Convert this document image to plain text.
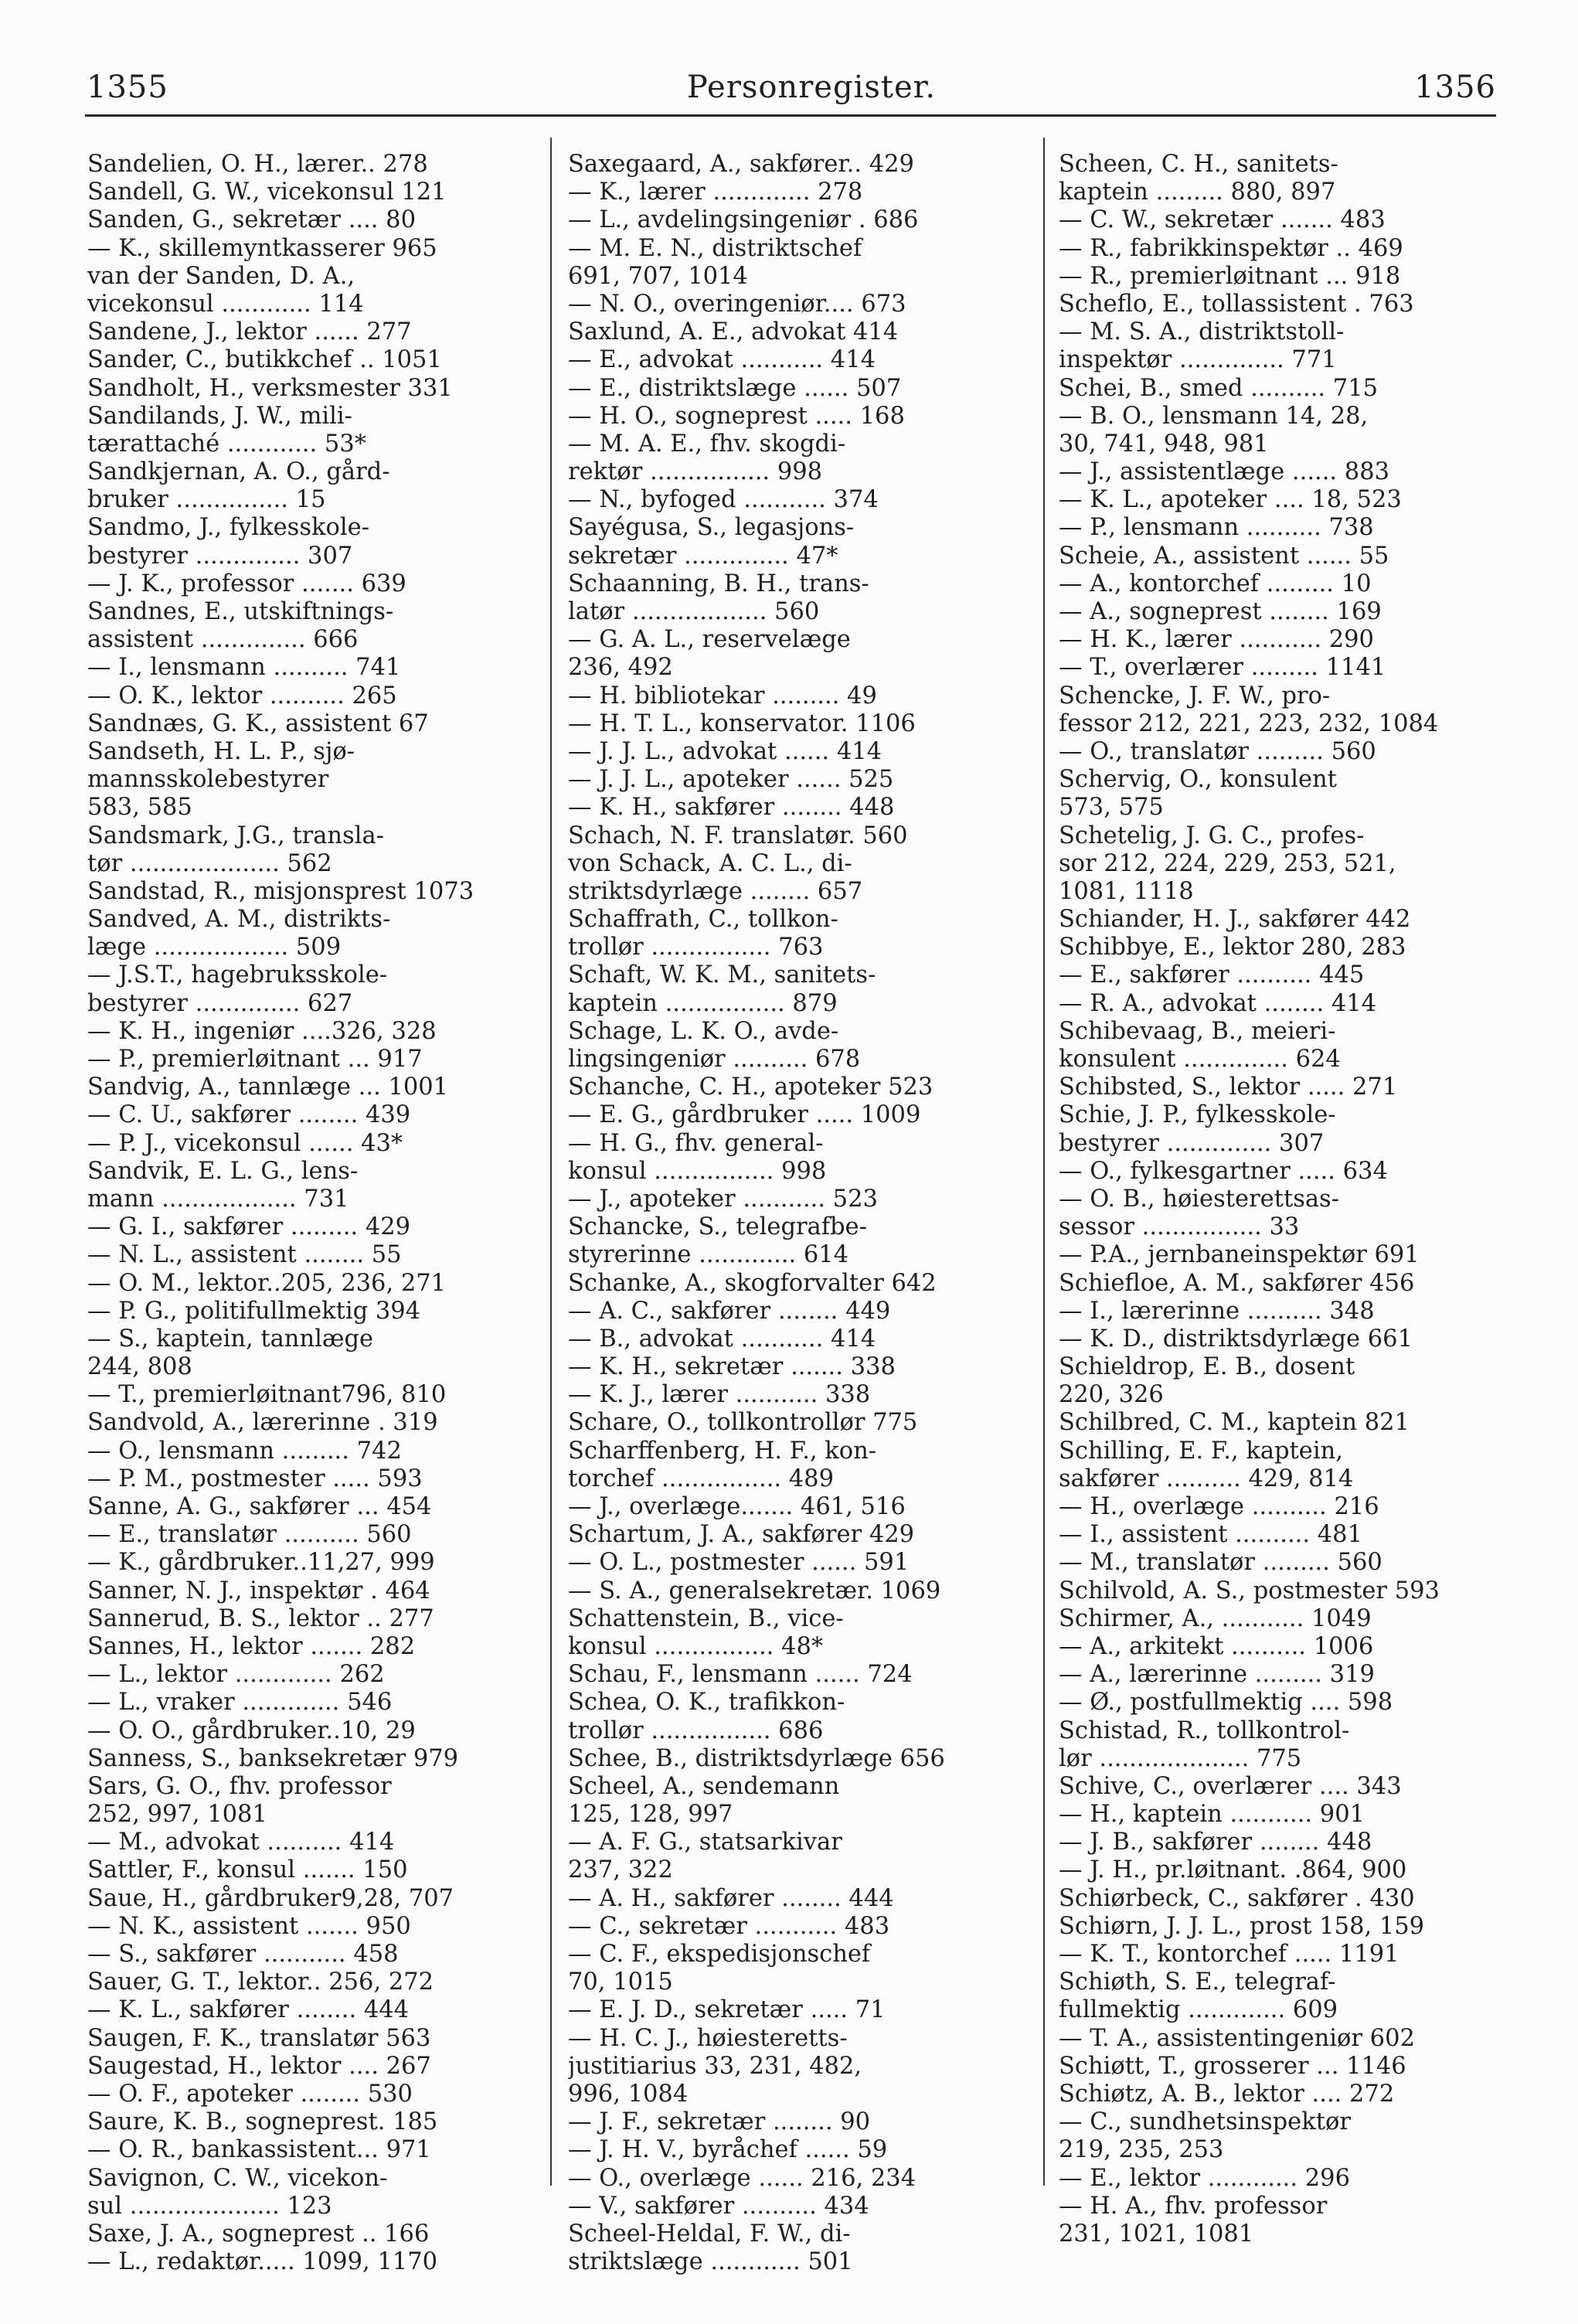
1355	Personregister.	1356
Sandelien, O. H., lærer.. 278
Sandell, G. W., vicekonsul 121
Sanden, G., sekretær .... 80
— K., skillemyntkasserer 965
van der Sanden, D. A.,
vicekonsul ............ 114
Sandene, J., lektor ...... 277
Sander, C., butikkchef .. 1051
Sandholt, H., verksmester 331
Sandilands, J. W., mili-
tærattaché ............ 53*
Sandkjernan, A. O., gård-
bruker ............... 15
Sandmo, J., fylkesskole-
bestyrer .............. 307
— J. K., professor ....... 639
Sandnes, E., utskiftnings-
assistent .............. 666
— I., lensmann .......... 741
— O. K., lektor .......... 265
Sandnæs, G. K., assistent 67
Sandseth, H. L. P., sjø-
mannsskolebestyrer
583, 585
Sandsmark, J.G., transla-
tør .................... 562
Sandstad, R., misjonsprest 1073
Sandved, A. M., distrikts-
læge .................. 509
— J.S.T., hagebruksskole-
bestyrer .............. 627
— K. H., ingeniør ....326, 328
— P., premierløitnant ... 917
Sandvig, A., tannlæge ... 1001
— C. U., sakfører ........ 439
— P. J., vicekonsul ...... 43*
Sandvik, E. L. G., lens-
mann .................. 731
— G. I., sakfører ......... 429
— N. L., assistent ........ 55
— O. M., lektor..205, 236, 271
— P. G., politifullmektig 394
— S., kaptein, tannlæge
244, 808
— T., premierløitnant796, 810
Sandvold, A., lærerinne . 319
— O., lensmann ......... 742
— P. M., postmester ..... 593
Sanne, A. G., sakfører ... 454
— E., translatør .......... 560
— K., gårdbruker..11,27, 999
Sanner, N. J., inspektør . 464
Sannerud, B. S., lektor .. 277
Sannes, H., lektor ....... 282
— L., lektor ............. 262
— L., vraker ............. 546
— O. O., gårdbruker..10, 29
Sanness, S., banksekretær 979
Sars, G. O., fhv. professor
252, 997, 1081
— M., advokat .......... 414
Sattler, F., konsul ....... 150
Saue, H., gårdbruker9,28, 707
— N. K., assistent ....... 950
— S., sakfører ........... 458
Sauer, G. T., lektor.. 256, 272
— K. L., sakfører ........ 444
Saugen, F. K., translatør 563
Saugestad, H., lektor .... 267
— O. F., apoteker ........ 530
Saure, K. B., sogneprest. 185
— O. R., bankassistent... 971
Savignon, C. W., vicekon-
sul .................... 123
Saxe, J. A., sogneprest .. 166
— L., redaktør..... 1099, 1170
Saxegaard, A., sakfører.. 429
— K., lærer ............. 278
— L., avdelingsingeniør . 686
— M. E. N., distriktschef
691, 707, 1014
— N. O., overingeniør.... 673
Saxlund, A. E., advokat 414
— E., advokat ........... 414
— E., distriktslæge ...... 507
— H. O., sogneprest ..... 168
— M. A. E., fhv. skogdi-
rektør ................ 998
— N., byfoged ........... 374
Sayégusa, S., legasjons-
sekretær .............. 47*
Schaanning, B. H., trans-
latør .................. 560
— G. A. L., reservelæge
236, 492
— H. bibliotekar ......... 49
— H. T. L., konservator. 1106
— J. J. L., advokat ...... 414
— J. J. L., apoteker ...... 525
— K. H., sakfører ........ 448
Schach, N. F. translatør. 560
von Schack, A. C. L., di-
striktsdyrlæge ........ 657
Schaffrath, C., tollkon-
trollør ................ 763
Schaft, W. K. M., sanitets-
kaptein ................ 879
Schage, L. K. O., avde-
lingsingeniør .......... 678
Schanche, C. H., apoteker 523
— E. G., gårdbruker ..... 1009
— H. G., fhv. general-
konsul ................ 998
— J., apoteker ........... 523
Schancke, S., telegrafbe-
styrerinne ............. 614
Schanke, A., skogforvalter 642
— A. C., sakfører ........ 449
— B., advokat ........... 414
— K. H., sekretær ....... 338
— K. J., lærer ........... 338
Schare, O., tollkontrollør 775
Scharffenberg, H. F., kon-
torchef ................ 489
— J., overlæge....... 461, 516
Schartum, J. A., sakfører 429
— O. L., postmester ...... 591
— S. A., generalsekretær. 1069
Schattenstein, B., vice-
konsul ................ 48*
Schau, F., lensmann ...... 724
Schea, O. K., trafikkon-
trollør ................ 686
Schee, B., distriktsdyrlæge 656
Scheel, A., sendemann
125, 128, 997
— A. F. G., statsarkivar
237, 322
— A. H., sakfører ........ 444
— C., sekretær ........... 483
— C. F., ekspedisjonschef
70, 1015
— E. J. D., sekretær ..... 71
— H. C. J., høiesteretts-
justitiarius 33, 231, 482,
996, 1084
— J. F., sekretær ........ 90
— J. H. V., byråchef ...... 59
— O., overlæge ...... 216, 234
— V., sakfører .......... 434
Scheel-Heldal, F. W., di-
striktslæge ............ 501
Scheen, C. H., sanitets-
kaptein ......... 880, 897
— C. W., sekretær ....... 483
— R., fabrikkinspektør .. 469
— R., premierløitnant ... 918
Scheflo, E., tollassistent . 763
— M. S. A., distriktstoll-
inspektør .............. 771
Schei, B., smed .......... 715
— B. O., lensmann 14, 28,
30, 741, 948, 981
— J., assistentlæge ...... 883
— K. L., apoteker .... 18, 523
— P., lensmann .......... 738
Scheie, A., assistent ...... 55
— A., kontorchef ......... 10
— A., sogneprest ........ 169
— H. K., lærer ........... 290
— T., overlærer ......... 1141
Schencke, J. F. W., pro-
fessor 212, 221, 223, 232, 1084
— O., translatør ......... 560
Schervig, O., konsulent
573, 575
Schetelig, J. G. C., profes-
sor 212, 224, 229, 253, 521,
1081, 1118
Schiander, H. J., sakfører 442
Schibbye, E., lektor 280, 283
— E., sakfører .......... 445
— R. A., advokat ........ 414
Schibevaag, B., meieri-
konsulent .............. 624
Schibsted, S., lektor ..... 271
Schie, J. P., fylkesskole-
bestyrer .............. 307
— O., fylkesgartner ..... 634
— O. B., høiesterettsas-
sessor ................ 33
— P.A., jernbaneinspektør 691
Schiefloe, A. M., sakfører 456
— I., lærerinne .......... 348
— K. D., distriktsdyrlæge 661
Schieldrop, E. B., dosent
220, 326
Schilbred, C. M., kaptein 821
Schilling, E. F., kaptein,
sakfører .......... 429, 814
— H., overlæge .......... 216
— I., assistent .......... 481
— M., translatør ......... 560
Schilvold, A. S., postmester 593
Schirmer, A., ........... 1049
— A., arkitekt .......... 1006
— A., lærerinne ......... 319
— Ø., postfullmektig .... 598
Schistad, R., tollkontrol-
lør .................... 775
Schive, C., overlærer .... 343
— H., kaptein ........... 901
— J. B., sakfører ........ 448
— J. H., pr.løitnant. .864, 900
Schiørbeck, C., sakfører . 430
Schiørn, J. J. L., prost 158, 159
— K. T., kontorchef ..... 1191
Schiøth, S. E., telegraf-
fullmektig ............. 609
— T. A., assistentingeniør 602
Schiøtt, T., grosserer ... 1146
Schiøtz, A. B., lektor .... 272
— C., sundhetsinspektør
219, 235, 253
— E., lektor ............ 296
— H. A., fhv. professor
231, 1021, 1081
